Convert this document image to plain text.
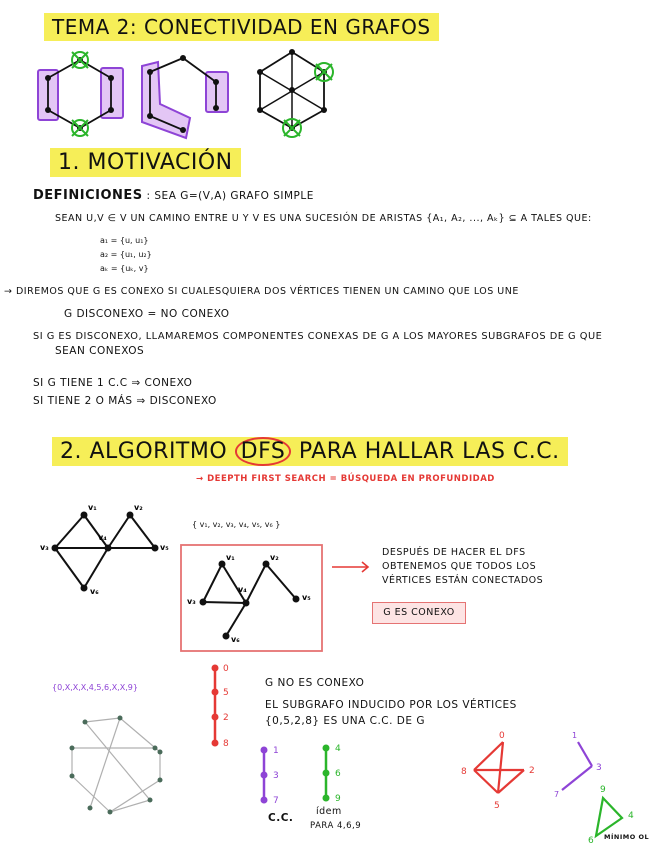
TEMA 2: CONECTIVIDAD EN GRAFOS
1. MOTIVACIÓN
DEFINICIONES : SEA G=(V,A) GRAFO SIMPLE
SEAN U,V ∈ V UN CAMINO ENTRE U Y V ES UNA SUCESIÓN DE ARISTAS {A₁, A₂, ..., Aₖ} ⊆ A TALES QUE:
a₁ = {u, u₁}
a₂ = {u₁, u₂}
aₖ = {uₖ, v}
→ DIREMOS QUE G ES CONEXO SI CUALESQUIERA DOS VÉRTICES TIENEN UN CAMINO QUE LOS UNE
G DISCONEXO = NO CONEXO
SI G ES DISCONEXO, LLAMAREMOS COMPONENTES CONEXAS DE G A LOS MAYORES SUBGRAFOS DE G QUE
SEAN CONEXOS
SI G TIENE 1 C.C ⇒ CONEXO
SI TIENE 2 O MÁS ⇒ DISCONEXO
2. ALGORITMO DFS PARA HALLAR LAS C.C.
→ DEEPTH FIRST SEARCH = BÚSQUEDA EN PROFUNDIDAD
v₁	v₂
v₃
v₄
v₅
v₆
v₁	v₂
v₃
v₄
v₅
v₆
{ v₁, v₂, v₃, v₄, v₅, v₆ }
DESPUÉS DE HACER EL DFS
OBTENEMOS QUE TODOS LOS
VÉRTICES ESTÁN CONECTADOS
G ES CONEXO
{0,X,X,X,4,5,6,X,X,9}
0
5
2
8
1
3
7
4
6
9
0
2
5
8
1
3
7	9
4
6
G NO ES CONEXO
EL SUBGRAFO INDUCIDO POR LOS VÉRTICES
{0,5,2,8} ES UNA C.C. DE G
C.C.
ídem
PARA 4,6,9
MÍNIMO OL
